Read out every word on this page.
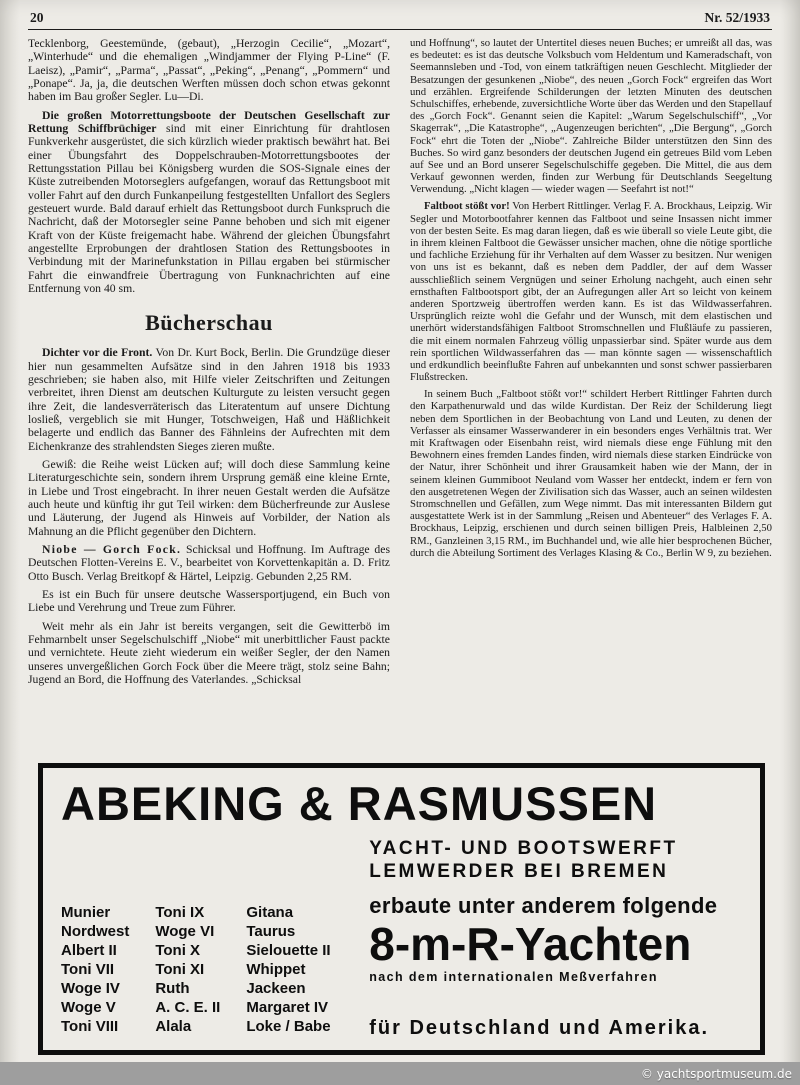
20	Nr. 52/1933

Tecklenborg, Geestemünde, (gebaut), „Herzogin Cecilie“, „Mozart“, „Winterhude“ und die ehemaligen „Windjammer der Flying P-Line“ (F. Laeisz), „Pamir“, „Parma“, „Passat“, „Peking“, „Penang“, „Pommern“ und „Ponape“. Ja, ja, die deutschen Werften müssen doch schon etwas gekonnt haben im Bau großer Segler. Lu—Di.

Die großen Motorrettungsboote der Deutschen Gesellschaft zur Rettung Schiffbrüchiger sind mit einer Einrichtung für drahtlosen Funkverkehr ausgerüstet, die sich kürzlich wieder praktisch bewährt hat. Bei einer Übungsfahrt des Doppelschrauben-Motorrettungsbootes der Rettungsstation Pillau bei Königsberg wurden die SOS-Signale eines der Küste zutreibenden Motorseglers aufgefangen, worauf das Rettungsboot mit voller Fahrt auf den durch Funkanpeilung festgestellten Unfallort des Seglers gesteuert wurde. Bald darauf erhielt das Rettungsboot durch Funkspruch die Nachricht, daß der Motorsegler seine Panne behoben und sich mit eigener Kraft von der Küste freigemacht habe. Während der gleichen Übungsfahrt angestellte Erprobungen der drahtlosen Station des Rettungsbootes in Verbindung mit der Marinefunkstation in Pillau ergaben bei stürmischer Fahrt die einwandfreie Übertragung von Funknachrichten auf eine Entfernung von 40 sm.

Bücherschau

Dichter vor die Front. Von Dr. Kurt Bock, Berlin. Die Grundzüge dieser hier nun gesammelten Aufsätze sind in den Jahren 1918 bis 1933 geschrieben; sie haben also, mit Hilfe vieler Zeitschriften und Zeitungen verbreitet, ihren Dienst am deutschen Kulturgute zu leisten versucht gegen ihre Zeit, die landesverräterisch das Literatentum auf unsere Dichtung losließ, vergeblich sie mit Hunger, Totschweigen, Haß und Häßlichkeit belagerte und endlich das Banner des Fähnleins der Aufrechten mit dem Eichenkranze des strahlendsten Sieges zieren mußte.

Gewiß: die Reihe weist Lücken auf; will doch diese Sammlung keine Literaturgeschichte sein, sondern ihrem Ursprung gemäß eine kleine Ernte, in Liebe und Trost eingebracht. In ihrer neuen Gestalt werden die Aufsätze auch heute und künftig ihr gut Teil wirken: dem Bücherfreunde zur Auslese und Läuterung, der Jugend als Hinweis auf Vorbilder, der Nation als Mahnung an die Pflicht gegenüber den Dichtern.

Niobe — Gorch Fock. Schicksal und Hoffnung. Im Auftrage des Deutschen Flotten-Vereins E. V., bearbeitet von Korvettenkapitän a. D. Fritz Otto Busch. Verlag Breitkopf & Härtel, Leipzig. Gebunden 2,25 RM.

Es ist ein Buch für unsere deutsche Wassersportjugend, ein Buch von Liebe und Verehrung und Treue zum Führer.

Weit mehr als ein Jahr ist bereits vergangen, seit die Gewitterbö im Fehmarnbelt unser Segelschulschiff „Niobe“ mit unerbittlicher Faust packte und vernichtete. Heute zieht wiederum ein weißer Segler, der den Namen unseres unvergeßlichen Gorch Fock über die Meere trägt, stolz seine Bahn; Jugend an Bord, die Hoffnung des Vaterlandes. „Schicksal

und Hoffnung“, so lautet der Untertitel dieses neuen Buches; er umreißt all das, was es bedeutet: es ist das deutsche Volksbuch vom Heldentum und Kameradschaft, von Seemannsleben und -Tod, von einem tatkräftigen neuen Geschlecht. Mitglieder der Besatzungen der gesunkenen „Niobe“, des neuen „Gorch Fock“ ergreifen das Wort und erzählen. Ergreifende Schilderungen der letzten Minuten des deutschen Schulschiffes, erhebende, zuversichtliche Worte über das Werden und den Stapellauf des „Gorch Fock“. Genannt seien die Kapitel: „Warum Segelschulschiff“, „Vor Skagerrak“, „Die Katastrophe“, „Augenzeugen berichten“, „Die Bergung“, „Gorch Fock“ ehrt die Toten der „Niobe“. Zahlreiche Bilder unterstützen den Sinn des Buches. So wird ganz besonders der deutschen Jugend ein getreues Bild vom Leben auf See und an Bord unserer Segelschulschiffe gegeben. Die Mittel, die aus dem Verkauf gewonnen werden, finden zur Werbung für Deutschlands Seegeltung Verwendung. „Nicht klagen — wieder wagen — Seefahrt ist not!“

Faltboot stößt vor! Von Herbert Rittlinger. Verlag F. A. Brockhaus, Leipzig. Wir Segler und Motorbootfahrer kennen das Faltboot und seine Insassen nicht immer von der besten Seite. Es mag daran liegen, daß es wie überall so viele Leute gibt, die in ihrem kleinen Faltboot die Gewässer unsicher machen, ohne die nötige sportliche und fachliche Erziehung für ihr Verhalten auf dem Wasser zu besitzen. Nur wenigen von uns ist es bekannt, daß es neben dem Paddler, der auf dem Wasser ausschließlich seinem Vergnügen und seiner Erholung nachgeht, auch einen sehr ernsthaften Faltbootsport gibt, der an Aufregungen aller Art so leicht von keinem anderen Sportzweig übertroffen werden kann. Es ist das Wildwasserfahren. Ursprünglich reizte wohl die Gefahr und der Wunsch, mit dem elastischen und unerhört widerstandsfähigen Faltboot Stromschnellen und Flußläufe zu passieren, die mit einem normalen Fahrzeug völlig unpassierbar sind. Später wurde aus dem rein sportlichen Wildwasserfahren das — man könnte sagen — wissenschaftlich und erdkundlich beeinflußte Fahren auf unbekannten und sonst schwer passierbaren Flußstrecken.

In seinem Buch „Faltboot stößt vor!“ schildert Herbert Rittlinger Fahrten durch den Karpathenurwald und das wilde Kurdistan. Der Reiz der Schilderung liegt neben dem Sportlichen in der Beobachtung von Land und Leuten, zu denen der Verfasser als einsamer Wasserwanderer in ein besonders enges Verhältnis trat. Wer mit Kraftwagen oder Eisenbahn reist, wird niemals diese enge Fühlung mit den Bewohnern eines fremden Landes finden, wird niemals diese starken Eindrücke von der Natur, ihrer Schönheit und ihrer Grausamkeit haben wie der Mann, der in seinem kleinen Gummiboot Neuland vom Wasser her entdeckt, indem er fern von den ausgetretenen Wegen der Zivilisation sich das Wasser, auch an seinen wildesten Stromschnellen und Gefällen, zum Wege nimmt. Das mit interessanten Bildern gut ausgestattete Werk ist in der Sammlung „Reisen und Abenteuer“ des Verlages F. A. Brockhaus, Leipzig, erschienen und durch seinen billigen Preis, Halbleinen 2,50 RM., Ganzleinen 3,15 RM., im Buchhandel und, wie alle hier besprochenen Bücher, durch die Abteilung Sortiment des Verlages Klasing & Co., Berlin W 9, zu beziehen.

ABEKING & RASMUSSEN
Munier
Nordwest
Albert II
Toni VII
Woge IV
Woge V
Toni VIII
Toni IX
Woge VI
Toni X
Toni XI
Ruth
A. C. E. II
Alala
Gitana
Taurus
Sielouette II
Whippet
Jackeen
Margaret IV
Loke / Babe
YACHT- UND BOOTSWERFT
LEMWERDER BEI BREMEN
erbaute unter anderem folgende
8-m-R-Yachten
nach dem internationalen Meßverfahren
für Deutschland und Amerika.
© yachtsportmuseum.de
